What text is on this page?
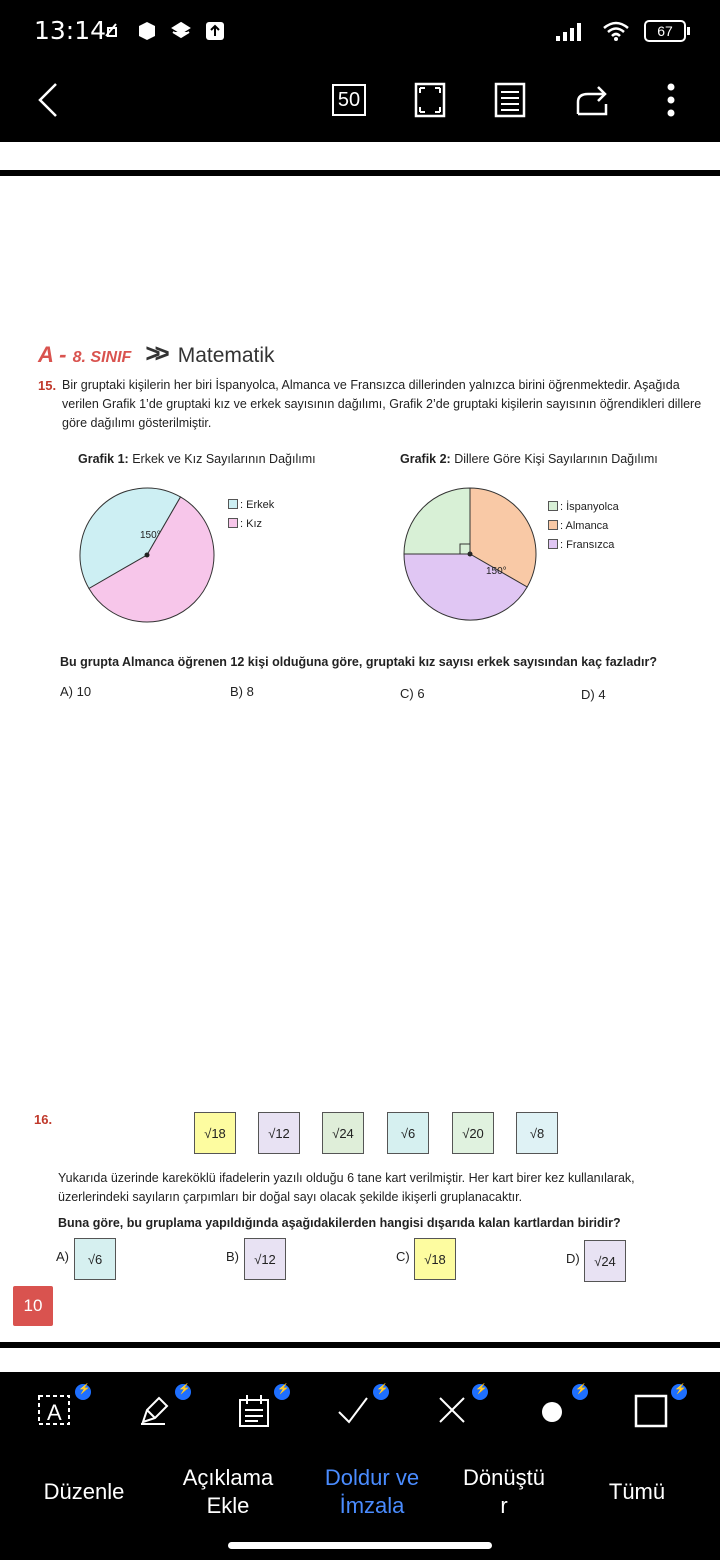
13:14	67
50
A - 8. SINIF >> Matematik
15. Bir gruptaki kişilerin her biri İspanyolca, Almanca ve Fransızca dillerinden yalnızca birini öğrenmektedir. Aşağıda verilen Grafik 1’de gruptaki kız ve erkek sayısının dağılımı, Grafik 2’de gruptaki kişilerin sayısının öğrendikleri dillere göre dağılımı gösterilmiştir.
Grafik 1: Erkek ve Kız Sayılarının Dağılımı	Grafik 2: Dillere Göre Kişi Sayılarının Dağılımı
150°
150°
: Erkek
: Kız
: İspanyolca
: Almanca
: Fransızca
Bu grupta Almanca öğrenen 12 kişi olduğuna göre, gruptaki kız sayısı erkek sayısından kaç fazladır?
A) 10	B) 8	C) 6	D) 4
16.
√18	√12	√24	√6	√20	√8
Yukarıda üzerinde kareköklü ifadelerin yazılı olduğu 6 tane kart verilmiştir. Her kart birer kez kullanılarak, üzerlerindeki sayıların çarpımları bir doğal sayı olacak şekilde ikişerli gruplanacaktır.
Buna göre, bu gruplama yapıldığında aşağıdakilerden hangisi dışarıda kalan kartlardan biridir?
A)	√6	B)	√12	C)	√18	D)	√24
10
A
⚡
⚡
⚡
⚡
⚡
⚡
⚡
Düzenle
Açıklama
Ekle
Doldur ve
İmzala
Dönüştü
r
Tümü
